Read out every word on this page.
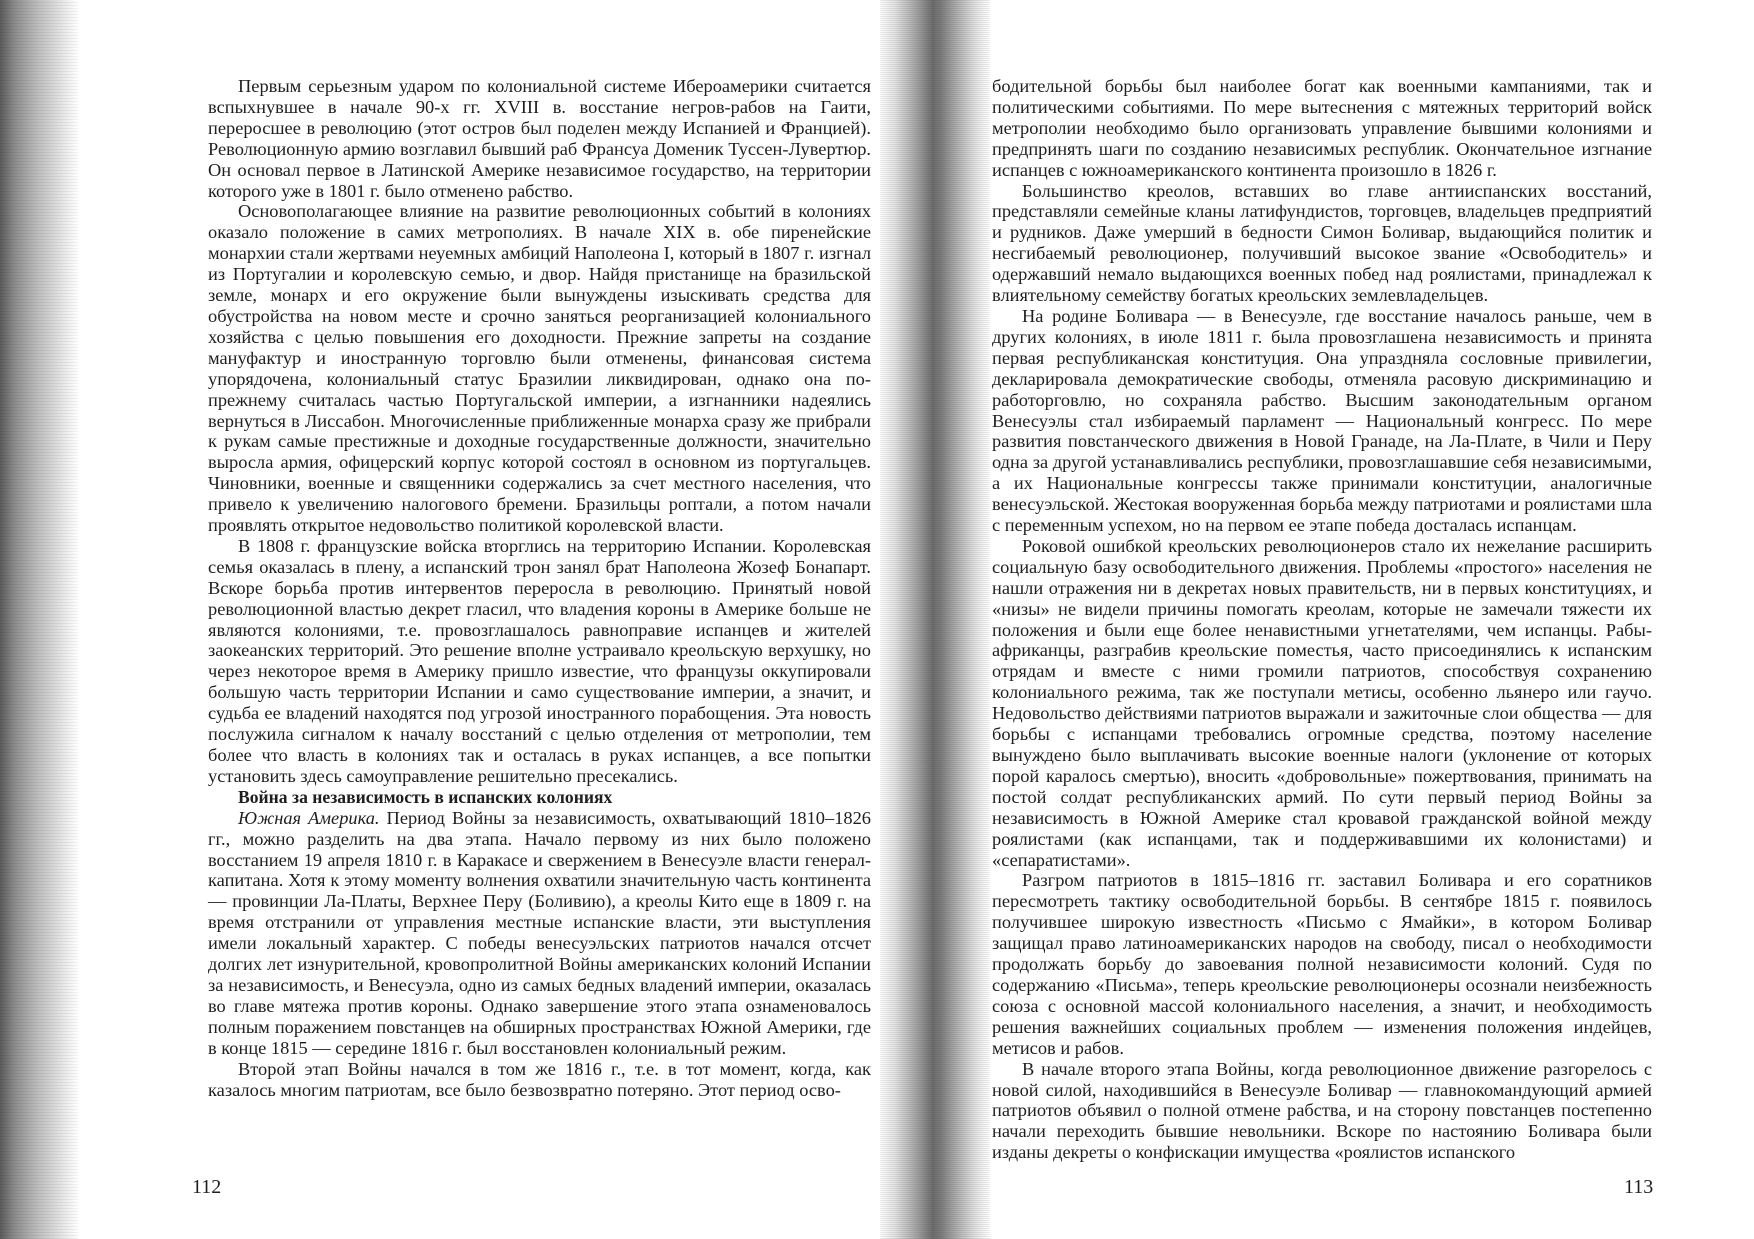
Первым серьезным ударом по колониальной системе Иберoамерики считается вспыхнувшее в начале 90-х гг. XVIII в. восстание негров-рабов на Гаити, переросшее в революцию (этот остров был поделен между Испанией и Францией). Революционную армию возглавил бывший раб Франсуа Доменик Туссен-Лувертюр. Он основал первое в Латинской Америке независимое государство, на территории которого уже в 1801 г. было отменено рабство.

Основополагающее влияние на развитие революционных событий в колониях оказало положение в самих метрополиях. В начале XIX в. обе пиренейские монархии стали жертвами неуемных амбиций Наполеона I, который в 1807 г. изгнал из Португалии и королевскую семью, и двор. Найдя пристанище на бразильской земле, монарх и его окружение были вынуждены изыскивать средства для обустройства на новом месте и срочно заняться реорганизацией колониального хозяйства с целью повышения его доходности. Прежние запреты на создание мануфактур и иностранную торговлю были отменены, финансовая система упорядочена, колониальный статус Бразилии ликвидирован, однако она по-прежнему считалась частью Португальской империи, а изгнанники надеялись вернуться в Лиссабон. Многочисленные приближенные монарха сразу же прибрали к рукам самые престижные и доходные государственные должности, значительно выросла армия, офицерский корпус которой состоял в основном из португальцев. Чиновники, военные и священники содержались за счет местного населения, что привело к увеличению налогового бремени. Бразильцы роптали, а потом начали проявлять открытое недовольство политикой королевской власти.

В 1808 г. французские войска вторглись на территорию Испании. Королевская семья оказалась в плену, а испанский трон занял брат Наполеона Жозеф Бонапарт. Вскоре борьба против интервентов переросла в революцию. Принятый новой революционной властью декрет гласил, что владения короны в Америке больше не являются колониями, т.е. провозглашалось равноправие испанцев и жителей заокеанских территорий. Это решение вполне устраивало креольскую верхушку, но через некоторое время в Америку пришло известие, что французы оккупировали большую часть территории Испании и само существование империи, а значит, и судьба ее владений находятся под угрозой иностранного порабощения. Эта новость послужила сигналом к началу восстаний с целью отделения от метрополии, тем более что власть в колониях так и осталась в руках испанцев, а все попытки установить здесь самоуправление решительно пресекались.

Война за независимость в испанских колониях

Южная Америка. Период Войны за независимость, охватывающий 1810–1826 гг., можно разделить на два этапа. Начало первому из них было положено восстанием 19 апреля 1810 г. в Каракасе и свержением в Венесуэле власти генерал-капитана. Хотя к этому моменту волнения охватили значительную часть континента — провинции Ла-Платы, Верхнее Перу (Боливию), а креолы Кито еще в 1809 г. на время отстранили от управления местные испанские власти, эти выступления имели локальный характер. С победы венесуэльских патриотов начался отсчет долгих лет изнурительной, кровопролитной Войны американских колоний Испании за независимость, и Венесуэла, одно из самых бедных владений империи, оказалась во главе мятежа против короны. Однако завершение этого этапа ознаменовалось полным поражением повстанцев на обширных пространствах Южной Америки, где в конце 1815 — середине 1816 г. был восстановлен колониальный режим.

Второй этап Войны начался в том же 1816 г., т.е. в тот момент, когда, как казалось многим патриотам, все было безвозвратно потеряно. Этот период осво-

112

бодительной борьбы был наиболее богат как военными кампаниями, так и политическими событиями. По мере вытеснения с мятежных территорий войск метрополии необходимо было организовать управление бывшими колониями и предпринять шаги по созданию независимых республик. Окончательное изгнание испанцев с южноамериканского континента произошло в 1826 г.

Большинство креолов, вставших во главе антииспанских восстаний, представляли семейные кланы латифундистов, торговцев, владельцев предприятий и рудников. Даже умерший в бедности Симон Боливар, выдающийся политик и несгибаемый революционер, получивший высокое звание «Освободитель» и одержавший немало выдающихся военных побед над роялистами, принадлежал к влиятельному семейству богатых креольских землевладельцев.

На родине Боливара — в Венесуэле, где восстание началось раньше, чем в других колониях, в июле 1811 г. была провозглашена независимость и принята первая республиканская конституция. Она упраздняла сословные привилегии, декларировала демократические свободы, отменяла расовую дискриминацию и работорговлю, но сохраняла рабство. Высшим законодательным органом Венесуэлы стал избираемый парламент — Национальный конгресс. По мере развития повстанческого движения в Новой Гранаде, на Ла-Плате, в Чили и Перу одна за другой устанавливались республики, провозглашавшие себя независимыми, а их Национальные конгрессы также принимали конституции, аналогичные венесуэльской. Жестокая вооруженная борьба между патриотами и роялистами шла с переменным успехом, но на первом ее этапе победа досталась испанцам.

Роковой ошибкой креольских революционеров стало их нежелание расширить социальную базу освободительного движения. Проблемы «простого» населения не нашли отражения ни в декретах новых правительств, ни в первых конституциях, и «низы» не видели причины помогать креолам, которые не замечали тяжести их положения и были еще более ненавистными угнетателями, чем испанцы. Рабы-африканцы, разграбив креольские поместья, часто присоединялись к испанским отрядам и вместе с ними громили патриотов, способствуя сохранению колониального режима, так же поступали метисы, особенно льянеро или гаучо. Недовольство действиями патриотов выражали и зажиточные слои общества — для борьбы с испанцами требовались огромные средства, поэтому население вынуждено было выплачивать высокие военные налоги (уклонение от которых порой каралось смертью), вносить «добровольные» пожертвования, принимать на постой солдат республиканских армий. По сути первый период Войны за независимость в Южной Америке стал кровавой гражданской войной между роялистами (как испанцами, так и поддерживавшими их колонистами) и «сепаратистами».

Разгром патриотов в 1815–1816 гг. заставил Боливара и его соратников пересмотреть тактику освободительной борьбы. В сентябре 1815 г. появилось получившее широкую известность «Письмо с Ямайки», в котором Боливар защищал право латиноамериканских народов на свободу, писал о необходимости продолжать борьбу до завоевания полной независимости колоний. Судя по содержанию «Письма», теперь креольские революционеры осознали неизбежность союза с основной массой колониального населения, а значит, и необходимость решения важнейших социальных проблем — изменения положения индейцев, метисов и рабов.

В начале второго этапа Войны, когда революционное движение разгорелось с новой силой, находившийся в Венесуэле Боливар — главнокомандующий армией патриотов объявил о полной отмене рабства, и на сторону повстанцев постепенно начали переходить бывшие невольники. Вскоре по настоянию Боливара были изданы декреты о конфискации имущества «роялистов испанского

113
